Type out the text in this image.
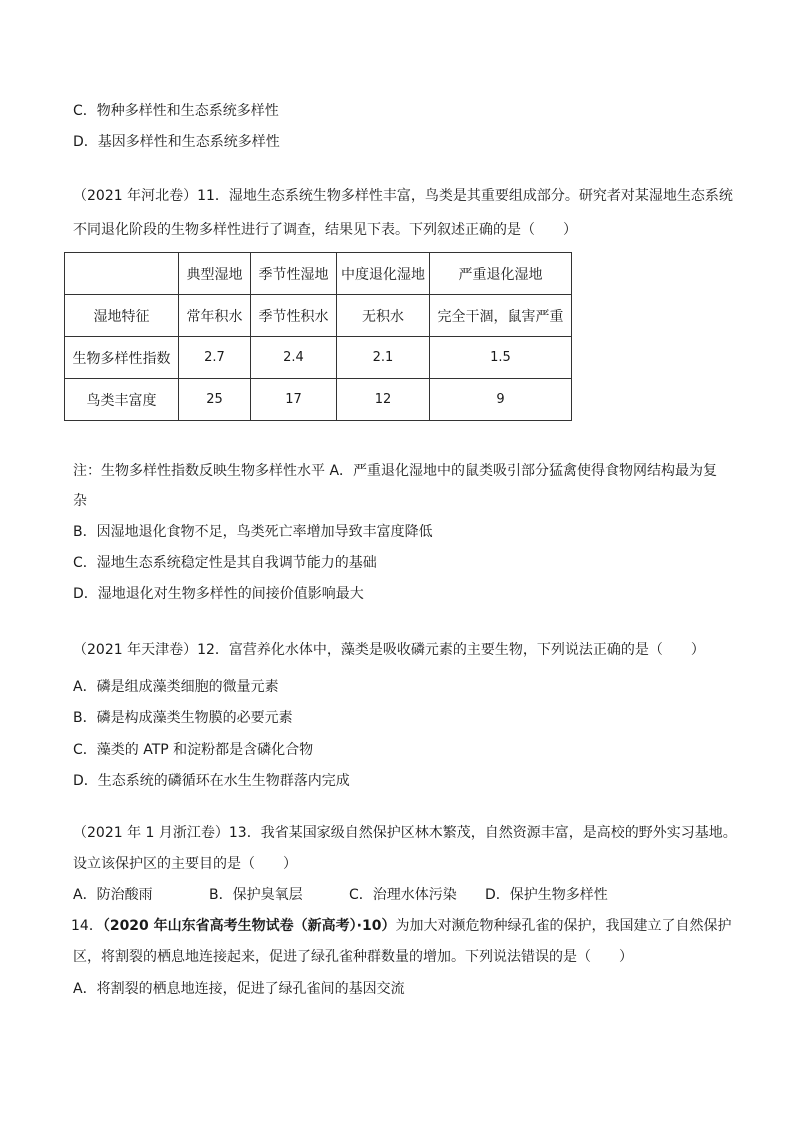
C．物种多样性和生态系统多样性
D．基因多样性和生态系统多样性
（2021 年河北卷）11．湿地生态系统生物多样性丰富，鸟类是其重要组成部分。研究者对某湿地生态系统
不同退化阶段的生物多样性进行了调查，结果见下表。下列叙述正确的是（　　）
	典型湿地	季节性湿地	中度退化湿地	严重退化湿地
湿地特征	常年积水	季节性积水	无积水	完全干涸，鼠害严重
生物多样性指数	2.7	2.4	2.1	1.5
鸟类丰富度	25	17	12	9
注：生物多样性指数反映生物多样性水平 A．严重退化湿地中的鼠类吸引部分猛禽使得食物网结构最为复
杂
B．因湿地退化食物不足，鸟类死亡率增加导致丰富度降低
C．湿地生态系统稳定性是其自我调节能力的基础
D．湿地退化对生物多样性的间接价值影响最大
（2021 年天津卷）12．富营养化水体中，藻类是吸收磷元素的主要生物，下列说法正确的是（　　）
A．磷是组成藻类细胞的微量元素
B．磷是构成藻类生物膜的必要元素
C．藻类的 ATP 和淀粉都是含磷化合物
D．生态系统的磷循环在水生生物群落内完成
（2021 年 1 月浙江卷）13．我省某国家级自然保护区林木繁茂，自然资源丰富，是高校的野外实习基地。
设立该保护区的主要目的是（　　）
A．防治酸雨	B．保护臭氧层	C．治理水体污染 D．保护生物多样性
14．（2020 年山东省高考生物试卷（新高考）·10）为加大对濒危物种绿孔雀的保护，我国建立了自然保护
区，将割裂的栖息地连接起来，促进了绿孔雀种群数量的增加。下列说法错误的是（　　）
A．将割裂的栖息地连接，促进了绿孔雀间的基因交流
